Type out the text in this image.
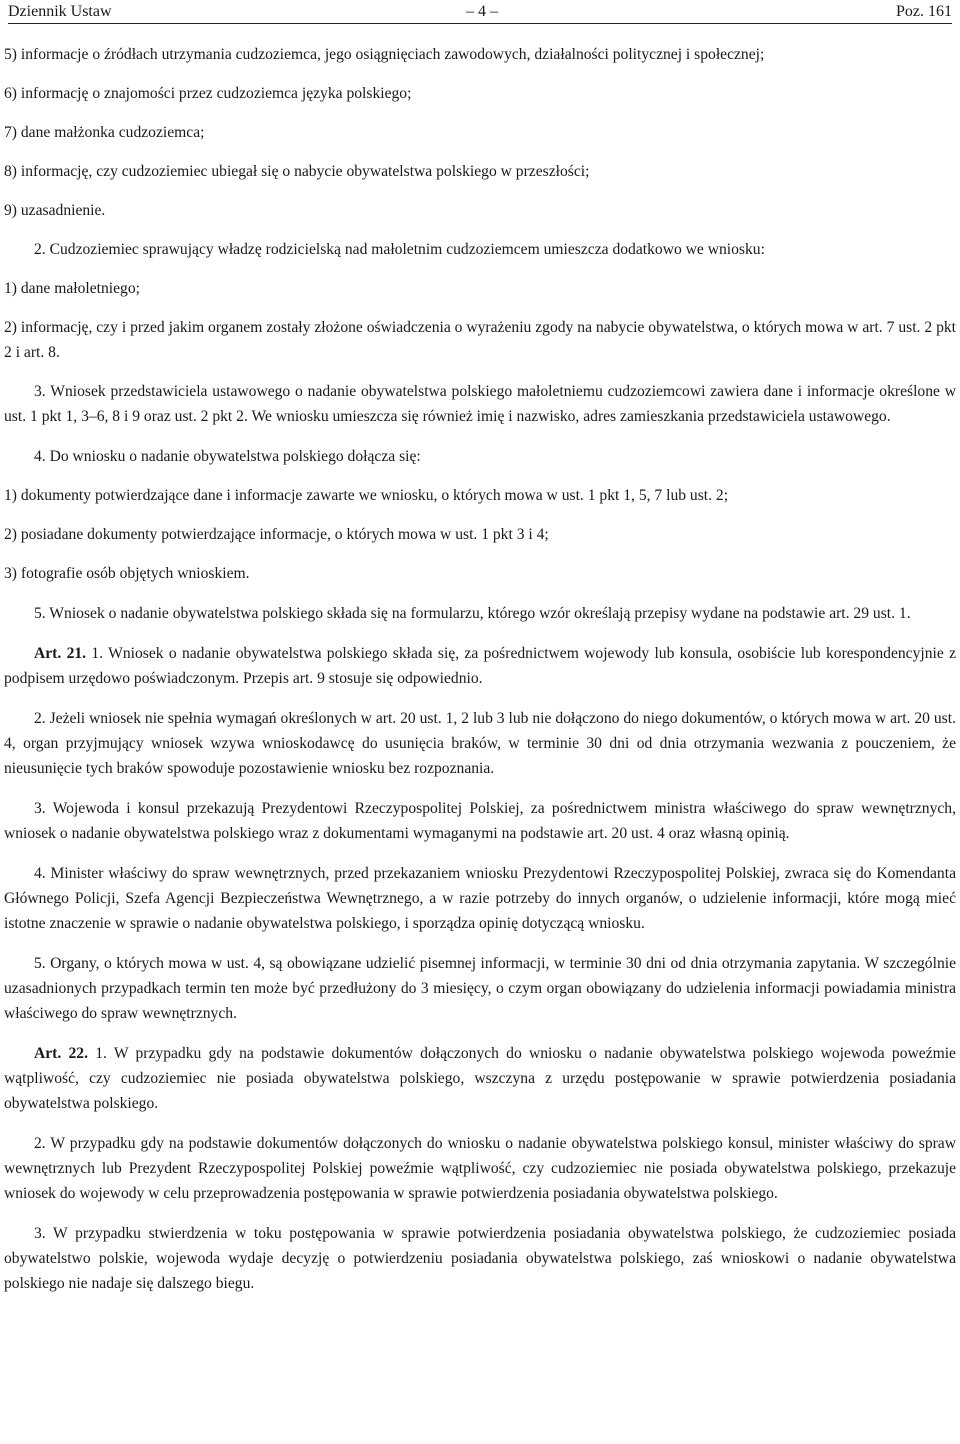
Dziennik Ustaw	– 4 –	Poz. 161

5) informacje o źródłach utrzymania cudzoziemca, jego osiągnięciach zawodowych, działalności politycznej i społecznej;

6) informację o znajomości przez cudzoziemca języka polskiego;

7) dane małżonka cudzoziemca;

8) informację, czy cudzoziemiec ubiegał się o nabycie obywatelstwa polskiego w przeszłości;

9) uzasadnienie.

2. Cudzoziemiec sprawujący władzę rodzicielską nad małoletnim cudzoziemcem umieszcza dodatkowo we wniosku:

1) dane małoletniego;

2) informację, czy i przed jakim organem zostały złożone oświadczenia o wyrażeniu zgody na nabycie obywatelstwa, o których mowa w art. 7 ust. 2 pkt 2 i art. 8.

3. Wniosek przedstawiciela ustawowego o nadanie obywatelstwa polskiego małoletniemu cudzoziemcowi zawiera dane i informacje określone w ust. 1 pkt 1, 3–6, 8 i 9 oraz ust. 2 pkt 2. We wniosku umieszcza się również imię i nazwisko, adres zamieszkania przedstawiciela ustawowego.

4. Do wniosku o nadanie obywatelstwa polskiego dołącza się:

1) dokumenty potwierdzające dane i informacje zawarte we wniosku, o których mowa w ust. 1 pkt 1, 5, 7 lub ust. 2;

2) posiadane dokumenty potwierdzające informacje, o których mowa w ust. 1 pkt 3 i 4;

3) fotografie osób objętych wnioskiem.

5. Wniosek o nadanie obywatelstwa polskiego składa się na formularzu, którego wzór określają przepisy wydane na podstawie art. 29 ust. 1.

Art. 21. 1. Wniosek o nadanie obywatelstwa polskiego składa się, za pośrednictwem wojewody lub konsula, osobiście lub korespondencyjnie z podpisem urzędowo poświadczonym. Przepis art. 9 stosuje się odpowiednio.

2. Jeżeli wniosek nie spełnia wymagań określonych w art. 20 ust. 1, 2 lub 3 lub nie dołączono do niego dokumentów, o których mowa w art. 20 ust. 4, organ przyjmujący wniosek wzywa wnioskodawcę do usunięcia braków, w terminie 30 dni od dnia otrzymania wezwania z pouczeniem, że nieusunięcie tych braków spowoduje pozostawienie wniosku bez rozpoznania.

3. Wojewoda i konsul przekazują Prezydentowi Rzeczypospolitej Polskiej, za pośrednictwem ministra właściwego do spraw wewnętrznych, wniosek o nadanie obywatelstwa polskiego wraz z dokumentami wymaganymi na podstawie art. 20 ust. 4 oraz własną opinią.

4. Minister właściwy do spraw wewnętrznych, przed przekazaniem wniosku Prezydentowi Rzeczypospolitej Polskiej, zwraca się do Komendanta Głównego Policji, Szefa Agencji Bezpieczeństwa Wewnętrznego, a w razie potrzeby do innych organów, o udzielenie informacji, które mogą mieć istotne znaczenie w sprawie o nadanie obywatelstwa polskiego, i sporządza opinię dotyczącą wniosku.

5. Organy, o których mowa w ust. 4, są obowiązane udzielić pisemnej informacji, w terminie 30 dni od dnia otrzymania zapytania. W szczególnie uzasadnionych przypadkach termin ten może być przedłużony do 3 miesięcy, o czym organ obowiązany do udzielenia informacji powiadamia ministra właściwego do spraw wewnętrznych.

Art. 22. 1. W przypadku gdy na podstawie dokumentów dołączonych do wniosku o nadanie obywatelstwa polskiego wojewoda poweźmie wątpliwość, czy cudzoziemiec nie posiada obywatelstwa polskiego, wszczyna z urzędu postępowanie w sprawie potwierdzenia posiadania obywatelstwa polskiego.

2. W przypadku gdy na podstawie dokumentów dołączonych do wniosku o nadanie obywatelstwa polskiego konsul, minister właściwy do spraw wewnętrznych lub Prezydent Rzeczypospolitej Polskiej poweźmie wątpliwość, czy cudzoziemiec nie posiada obywatelstwa polskiego, przekazuje wniosek do wojewody w celu przeprowadzenia postępowania w sprawie potwierdzenia posiadania obywatelstwa polskiego.

3. W przypadku stwierdzenia w toku postępowania w sprawie potwierdzenia posiadania obywatelstwa polskiego, że cudzoziemiec posiada obywatelstwo polskie, wojewoda wydaje decyzję o potwierdzeniu posiadania obywatelstwa polskiego, zaś wnioskowi o nadanie obywatelstwa polskiego nie nadaje się dalszego biegu.
